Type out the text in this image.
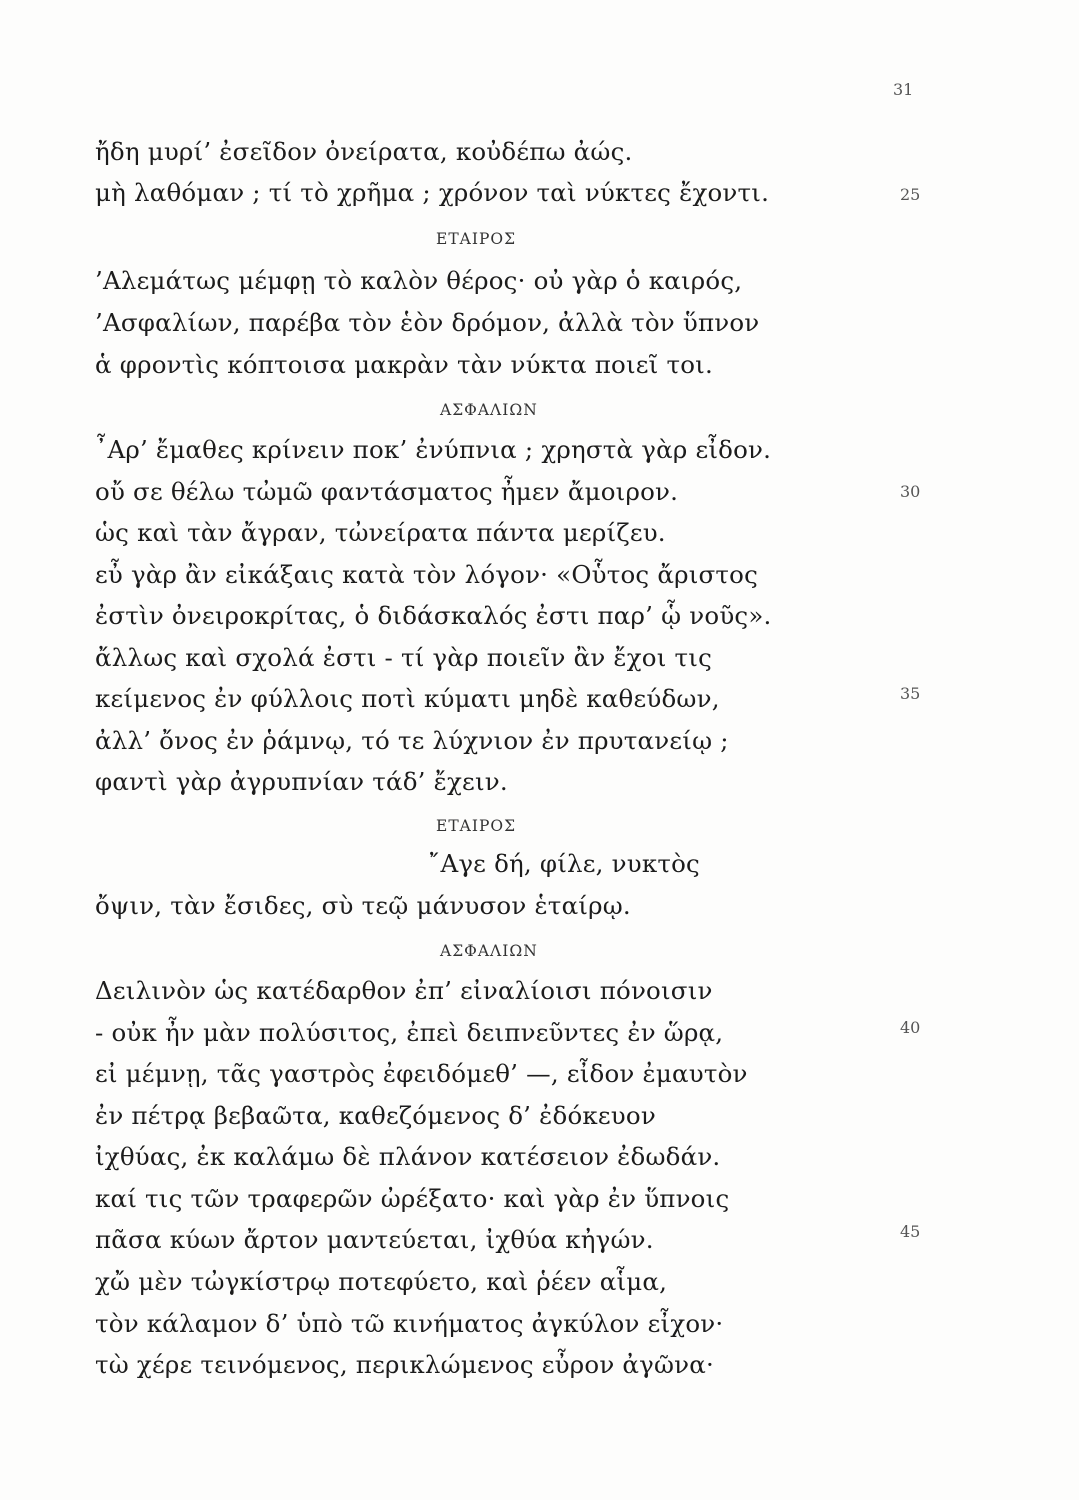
31
ἤδη μυρί’ ἐσεῖδον ὀνείρατα, κοὐδέπω ἀώς.
μὴ λαθόμαν ; τί τὸ χρῆμα ; χρόνον ταὶ νύκτες ἔχοντι.	25
ΕΤΑΙΡΟΣ
’Αλεμάτως μέμφῃ τὸ καλὸν θέρος· οὐ γὰρ ὁ καιρός,
’Ασφαλίων, παρέβα τὸν ἑὸν δρόμον, ἀλλὰ τὸν ὕπνον
ἁ φροντὶς κόπτοισα μακρὰν τὰν νύκτα ποιεῖ τοι.
ΑΣΦΑΛΙΩΝ
῏Αρ’ ἔμαθες κρίνειν ποκ’ ἐνύπνια ; χρηστὰ γὰρ εἶδον.
οὔ σε θέλω τὠμῶ φαντάσματος ἦμεν ἄμοιρον.	30
ὡς καὶ τὰν ἄγραν, τὠνείρατα πάντα μερίζευ.
εὖ γὰρ ἂν εἰκάξαις κατὰ τὸν λόγον· «Οὗτος ἄριστος
ἐστὶν ὀνειροκρίτας, ὁ διδάσκαλός ἐστι παρ’ ᾧ νοῦς».
ἄλλως καὶ σχολά ἐστι - τί γὰρ ποιεῖν ἂν ἔχοι τις
κείμενος ἐν φύλλοις ποτὶ κύματι μηδὲ καθεύδων,	35
ἀλλ’ ὄνος ἐν ῥάμνῳ, τό τε λύχνιον ἐν πρυτανείῳ ;
φαντὶ γὰρ ἀγρυπνίαν τάδ’ ἔχειν.
ΕΤΑΙΡΟΣ
῎Αγε δή, φίλε, νυκτὸς
ὄψιν, τὰν ἔσιδες, σὺ τεῷ μάνυσον ἑταίρῳ.
ΑΣΦΑΛΙΩΝ
Δειλινὸν ὡς κατέδαρθον ἐπ’ εἰναλίοισι πόνοισιν
- οὐκ ἦν μὰν πολύσιτος, ἐπεὶ δειπνεῦντες ἐν ὥρᾳ,	40
εἰ μέμνῃ, τᾶς γαστρὸς ἐφειδόμεθ’ —, εἶδον ἐμαυτὸν
ἐν πέτρᾳ βεβαῶτα, καθεζόμενος δ’ ἐδόκευον
ἰχθύας, ἐκ καλάμω δὲ πλάνον κατέσειον ἐδωδάν.
καί τις τῶν τραφερῶν ὠρέξατο· καὶ γὰρ ἐν ὕπνοις
πᾶσα κύων ἄρτον μαντεύεται, ἰχθύα κἠγών.	45
χὤ μὲν τὠγκίστρῳ ποτεφύετο, καὶ ῥέεν αἷμα,
τὸν κάλαμον δ’ ὑπὸ τῶ κινήματος ἀγκύλον εἶχον·
τὼ χέρε τεινόμενος, περικλώμενος εὖρον ἀγῶνα·
